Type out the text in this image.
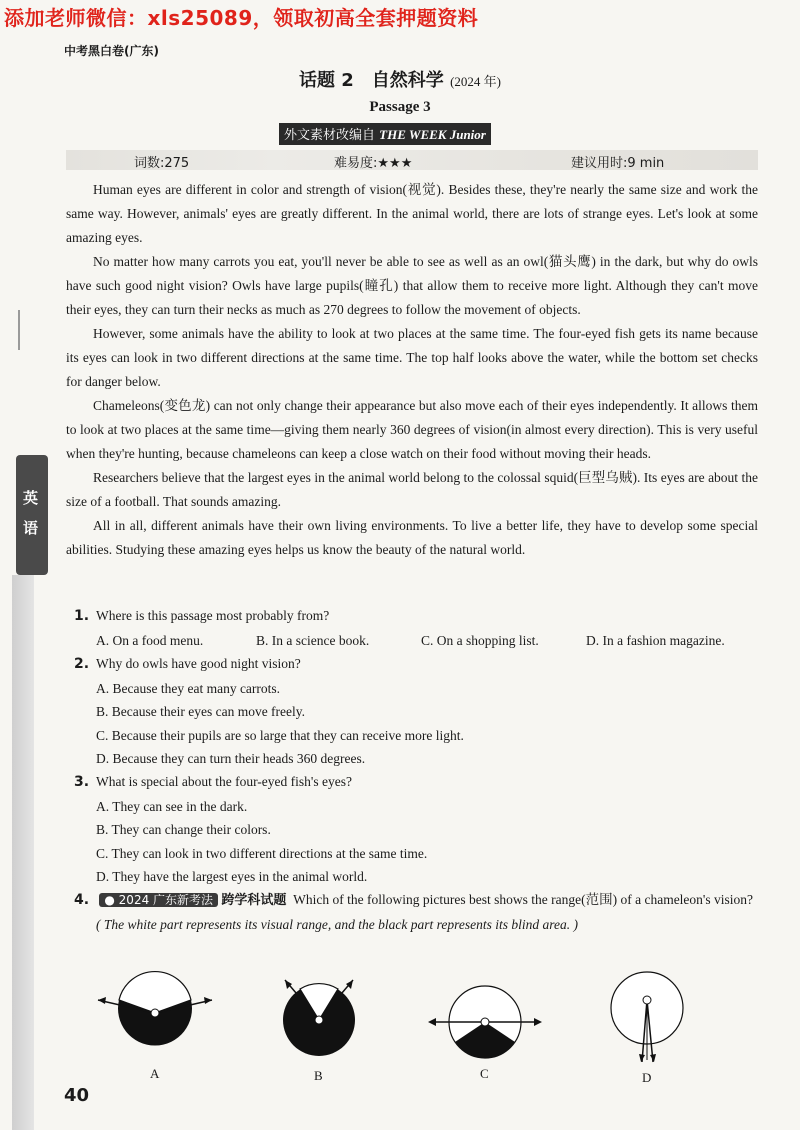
添加老师微信：xls25089，领取初高全套押题资料
中考黑白卷(广东)
话题 2　自然科学 (2024 年)
Passage 3
外文素材改编自 THE WEEK Junior
词数:275	难易度:★★★	建议用时:9 min

Human eyes are different in color and strength of vision(视觉). Besides these, they're nearly the same size and work the same way. However, animals' eyes are greatly different. In the animal world, there are lots of strange eyes. Let's look at some amazing eyes.

No matter how many carrots you eat, you'll never be able to see as well as an owl(猫头鹰) in the dark, but why do owls have such good night vision? Owls have large pupils(瞳孔) that allow them to receive more light. Although they can't move their eyes, they can turn their necks as much as 270 degrees to follow the movement of objects.

However, some animals have the ability to look at two places at the same time. The four-eyed fish gets its name because its eyes can look in two different directions at the same time. The top half looks above the water, while the bottom set checks for danger below.

Chameleons(变色龙) can not only change their appearance but also move each of their eyes independently. It allows them to look at two places at the same time—giving them nearly 360 degrees of vision(in almost every direction). This is very useful when they're hunting, because chameleons can keep a close watch on their food without moving their heads.

Researchers believe that the largest eyes in the animal world belong to the colossal squid(巨型乌贼). Its eyes are about the size of a football. That sounds amazing.

All in all, different animals have their own living environments. To live a better life, they have to develop some special abilities. Studying these amazing eyes helps us know the beauty of the natural world.

1. Where is this passage most probably from?
A. On a food menu.	B. In a science book.	C. On a shopping list.	D. In a fashion magazine.
2. Why do owls have good night vision?
A. Because they eat many carrots.
B. Because their eyes can move freely.
C. Because their pupils are so large that they can receive more light.
D. Because they can turn their heads 360 degrees.
3. What is special about the four-eyed fish's eyes?
A. They can see in the dark.
B. They can change their colors.
C. They can look in two different directions at the same time.
D. They have the largest eyes in the animal world.
4. ● 2024 广东新考法 跨学科试题 Which of the following pictures best shows the range(范围) of a chameleon's vision?
( The white part represents its visual range, and the black part represents its blind area. )
A	B	C	D
英
语
40
